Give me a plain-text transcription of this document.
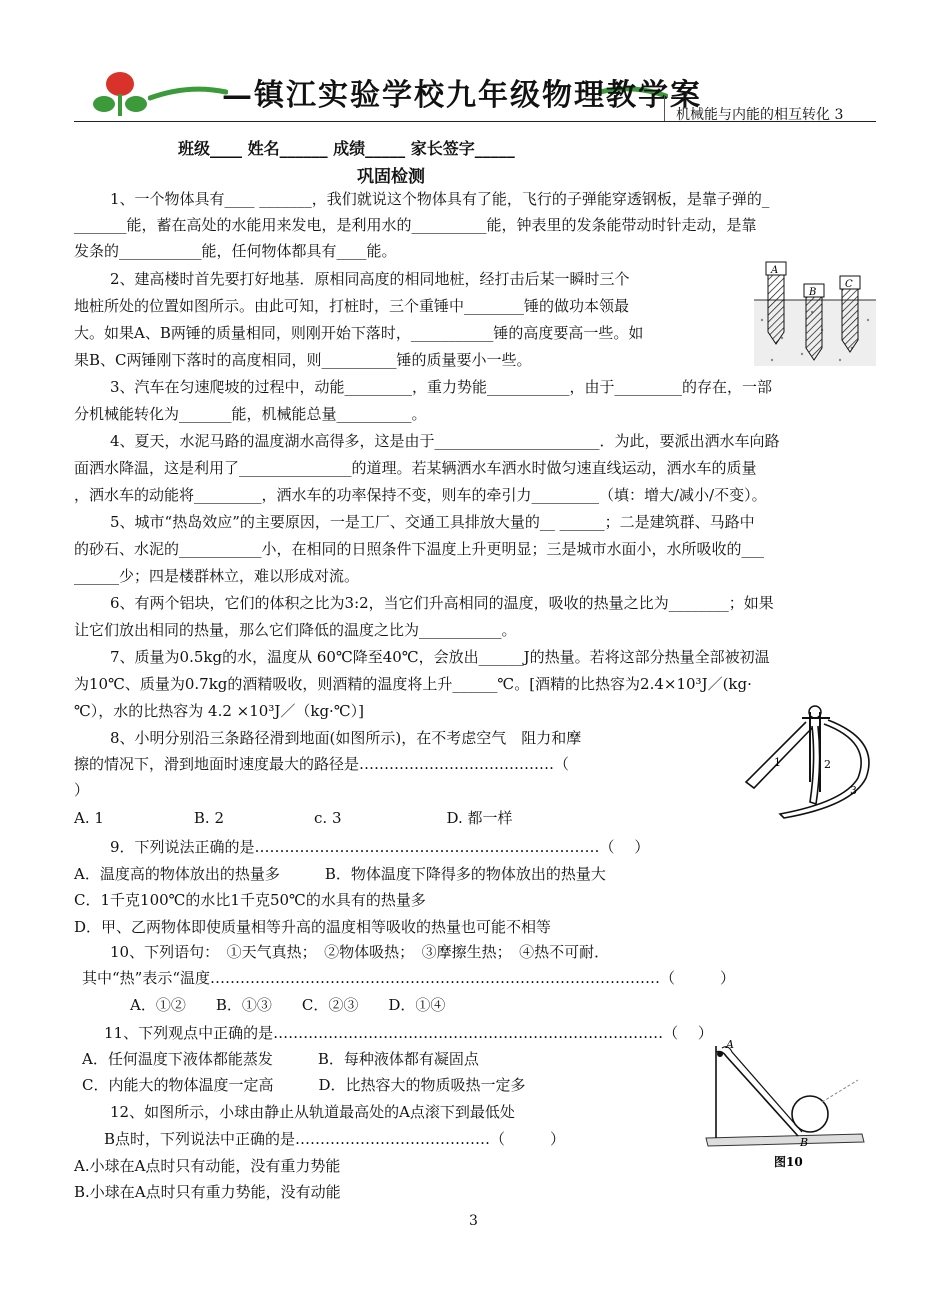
—镇江实验学校九年级物理教学案
机械能与内能的相互转化 3
班级____ 姓名______ 成绩_____ 家长签字_____
巩固检测
1、一个物体具有____ _______，我们就说这个物体具有了能，飞行的子弹能穿透钢板，是靠子弹的_
_______能，蓄在高处的水能用来发电，是利用水的__________能，钟表里的发条能带动时针走动，是靠
发条的___________能，任何物体都具有____能。
2、建高楼时首先要打好地基．原相同高度的相同地桩，经打击后某一瞬时三个
地桩所处的位置如图所示。由此可知，打桩时，三个重锤中________锤的做功本领最
大。如果A、B两锤的质量相同，则刚开始下落时，___________锤的高度要高一些。如
果B、C两锤刚下落时的高度相同，则__________锤的质量要小一些。
3、汽车在匀速爬坡的过程中，动能_________，重力势能___________，由于_________的存在，一部
分机械能转化为_______能，机械能总量__________。
4、夏天，水泥马路的温度湖水高得多，这是由于______________________．为此，要派出洒水车向路
面洒水降温，这是利用了_______________的道理。若某辆洒水车洒水时做匀速直线运动，洒水车的质量
，洒水车的动能将_________，洒水车的功率保持不变，则车的牵引力_________（填：增大/减小/不变）。
5、城市“热岛效应”的主要原因，一是工厂、交通工具排放大量的__ ______；二是建筑群、马路中
的砂石、水泥的___________小，在相同的日照条件下温度上升更明显；三是城市水面小，水所吸收的___
______少；四是楼群林立，难以形成对流。
6、有两个铝块，它们的体积之比为3:2，当它们升高相同的温度，吸收的热量之比为________；如果
让它们放出相同的热量，那么它们降低的温度之比为___________。
7、质量为0.5kg的水，温度从 60℃降至40℃，会放出______J的热量。若将这部分热量全部被初温
为10℃、质量为0.7kg的酒精吸收，则酒精的温度将上升______℃。[酒精的比热容为2.4×10³J／(kg·
℃），水的比热容为 4.2 ×10³J／（kg·℃）]
8、小明分别沿三条路径滑到地面(如图所示)，在不考虑空气　阻力和摩
擦的情况下，滑到地面时速度最大的路径是…………………………………（
）
A. 1　　　　　　B. 2　　　　　　c. 3　　　　　　　D. 都一样
9．下列说法正确的是……………………………………………………………（　 ）
A．温度高的物体放出的热量多　　　B．物体温度下降得多的物体放出的热量大
C．1千克100℃的水比1千克50℃的水具有的热量多
D．甲、乙两物体即使质量相等升高的温度相等吸收的热量也可能不相等
10、下列语句：　①天气真热；　②物体吸热；　③摩擦生热；　④热不可耐．
其中“热”表示“温度………………………………………………………………………………（　　　）
A．①②　　B．①③　　C．②③　　D．①④
11、下列观点中正确的是……………………………………………………………………（　 ）
A．任何温度下液体都能蒸发　　　B．每种液体都有凝固点
C．内能大的物体温度一定高　　　D．比热容大的物质吸热一定多
12、如图所示，小球由静止从轨道最高处的A点滚下到最低处
B点时，下列说法中正确的是…………………………………（　　　）
A.小球在A点时只有动能，没有重力势能
B.小球在A点时只有重力势能，没有动能
A
B
C
1	2
3
A
B
图10
3
